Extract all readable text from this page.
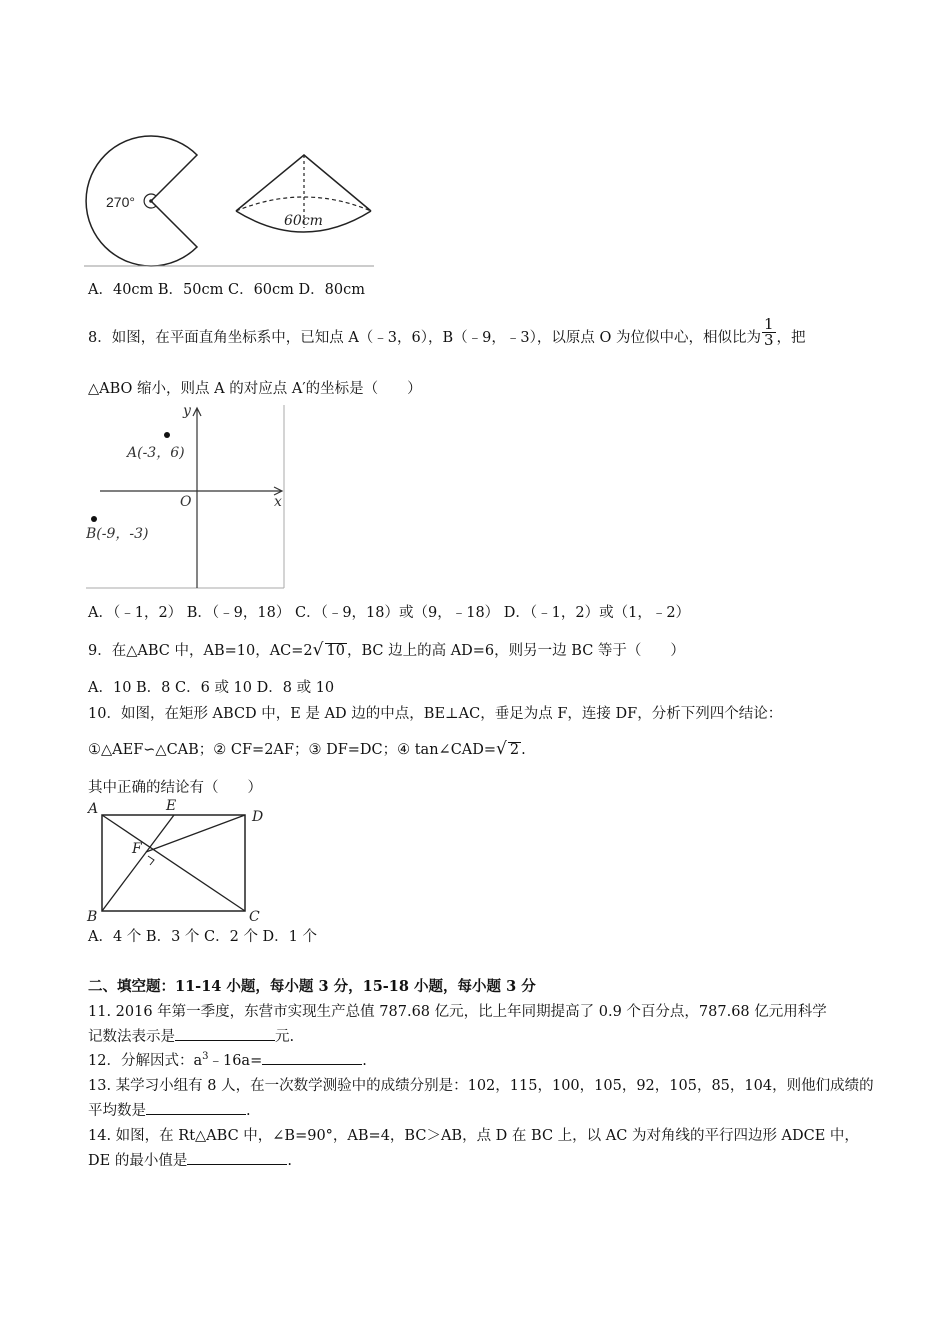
270°
60cm
A．40cm B．50cm C．60cm D．80cm
8．如图，在平面直角坐标系中，已知点 A（﹣3，6），B（﹣9，﹣3），以原点 O 为位似中心，相似比为 $\frac{1}{3}$ ，把
△ABO 缩小，则点 A 的对应点 A′的坐标是（　　）
y
x
O
A(-3，6)
B(-9，-3)
A．（﹣1，2） B．（﹣9，18） C．（﹣9，18）或（9，﹣18） D．（﹣1，2）或（1，﹣2）
9．在△ABC 中，AB=10，AC=2√ 10 ，BC 边上的高 AD=6，则另一边 BC 等于（　　）
A．10 B．8 C．6 或 10 D．8 或 10
10．如图，在矩形 ABCD 中，E 是 AD 边的中点，BE⊥AC，垂足为点 F，连接 DF，分析下列四个结论：
①△AEF∽△CAB；② CF=2AF；③ DF=DC；④ tan∠CAD=√ 2 .
其中正确的结论有（　　）
A	E
D
F
B	C
A．4 个 B．3 个 C．2 个 D．1 个
二、填空题：11-14 小题，每小题 3 分，15-18 小题，每小题 3 分
11. 2016 年第一季度，东营市实现生产总值 787.68 亿元，比上年同期提高了 0.9 个百分点，787.68 亿元用科学
记数法表示是	元.
12．分解因式：$a^3﹣16a=$	.
13. 某学习小组有 8 人，在一次数学测验中的成绩分别是：102，115，100，105，92，105，85，104，则他们成绩的
平均数是	.
14. 如图，在 Rt△ABC 中，∠B=90°，AB=4，BC＞AB，点 D 在 BC 上，以 AC 为对角线的平行四边形 ADCE 中，
DE 的最小值是	.
